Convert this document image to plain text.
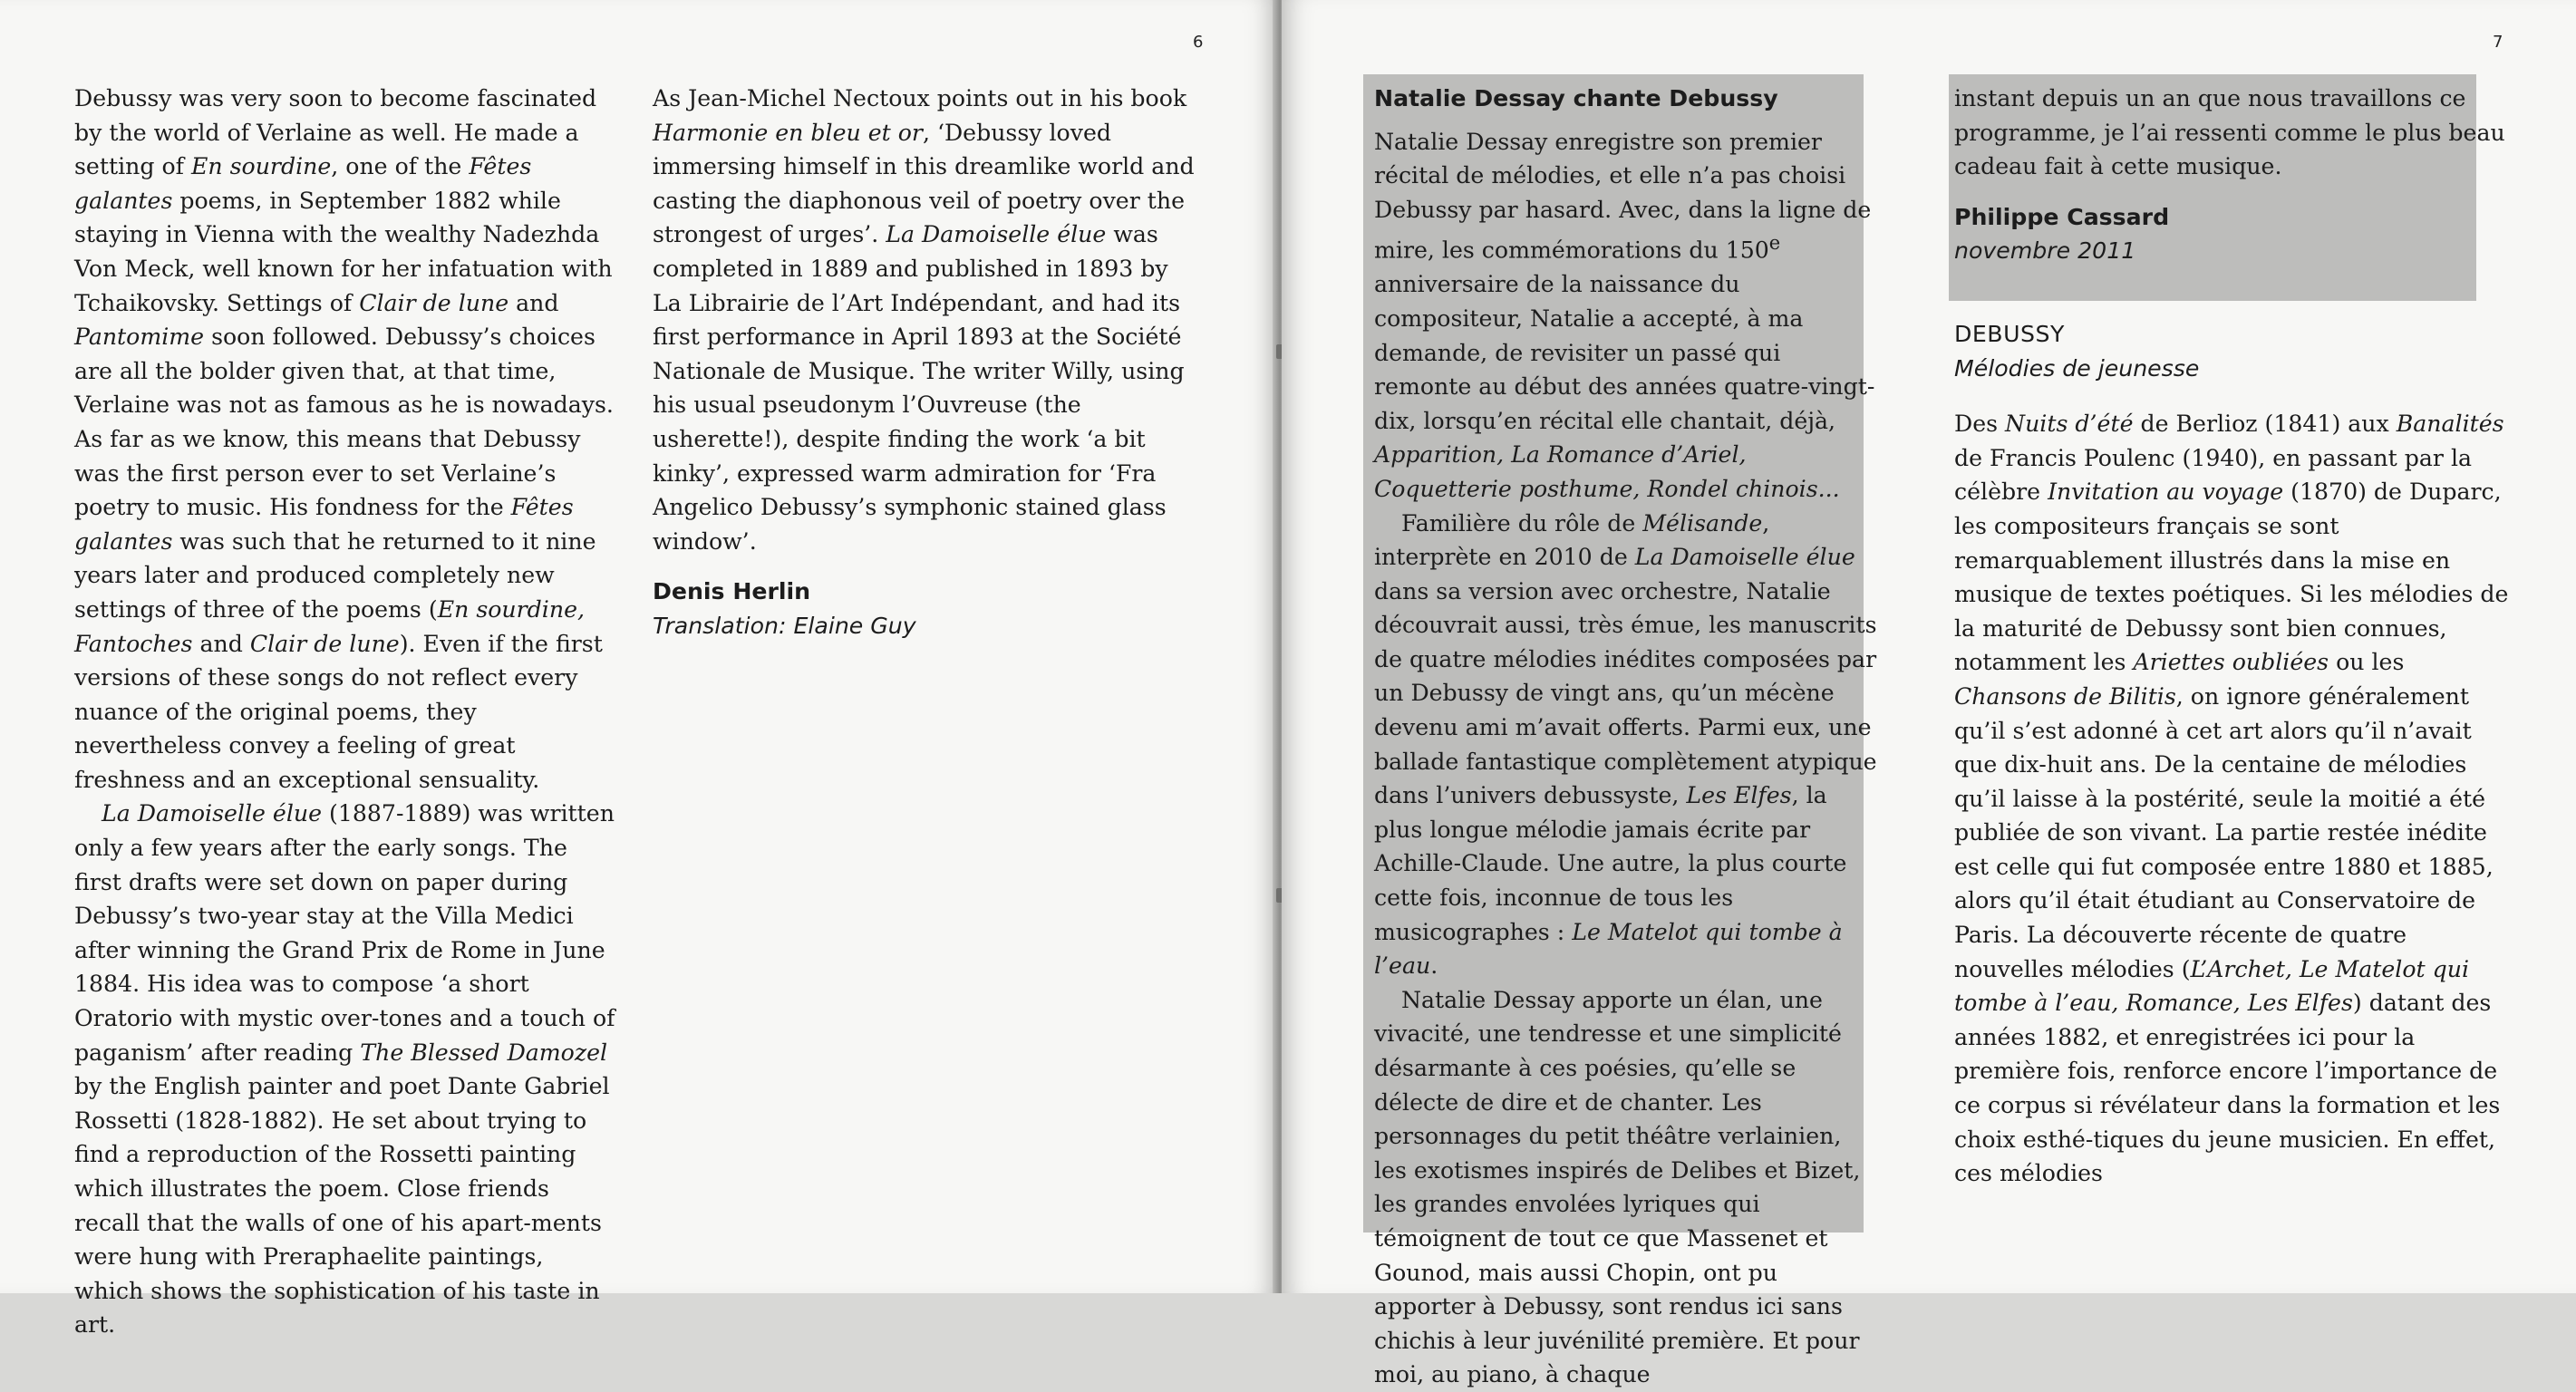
6

Debussy was very soon to become fascinated by the world of Verlaine as well. He made a setting of En sourdine, one of the Fêtes galantes poems, in September 1882 while staying in Vienna with the wealthy Nadezhda Von Meck, well known for her infatuation with Tchaikovsky. Settings of Clair de lune and Pantomime soon followed. Debussy’s choices are all the bolder given that, at that time, Verlaine was not as famous as he is nowadays. As far as we know, this means that Debussy was the first person ever to set Verlaine’s poetry to music. His fondness for the Fêtes galantes was such that he returned to it nine years later and produced completely new settings of three of the poems (En sourdine, Fantoches and Clair de lune). Even if the first versions of these songs do not reflect every nuance of the original poems, they nevertheless convey a feeling of great freshness and an exceptional sensuality.

La Damoiselle élue (1887-1889) was written only a few years after the early songs. The first drafts were set down on paper during Debussy’s two-year stay at the Villa Medici after winning the Grand Prix de Rome in June 1884. His idea was to compose ‘a short Oratorio with mystic over-tones and a touch of paganism’ after reading The Blessed Damozel by the English painter and poet Dante Gabriel Rossetti (1828-1882). He set about trying to find a reproduction of the Rossetti painting which illustrates the poem. Close friends recall that the walls of one of his apart-ments were hung with Preraphaelite paintings, which shows the sophistication of his taste in art.

As Jean-Michel Nectoux points out in his book Harmonie en bleu et or, ‘Debussy loved immersing himself in this dreamlike world and casting the diaphonous veil of poetry over the strongest of urges’. La Damoiselle élue was completed in 1889 and published in 1893 by La Librairie de l’Art Indépendant, and had its first performance in April 1893 at the Société Nationale de Musique. The writer Willy, using his usual pseudonym l’Ouvreuse (the usherette!), despite finding the work ‘a bit kinky’, expressed warm admiration for ‘Fra Angelico Debussy’s symphonic stained glass window’.

Denis Herlin

Translation: Elaine Guy

7

Natalie Dessay chante Debussy

Natalie Dessay enregistre son premier récital de mélodies, et elle n’a pas choisi Debussy par hasard. Avec, dans la ligne de mire, les commémorations du 150e anniversaire de la naissance du compositeur, Natalie a accepté, à ma demande, de revisiter un passé qui remonte au début des années quatre-vingt-dix, lorsqu’en récital elle chantait, déjà, Apparition, La Romance d’Ariel, Coquetterie posthume, Rondel chinois...

Familière du rôle de Mélisande, interprète en 2010 de La Damoiselle élue dans sa version avec orchestre, Natalie découvrait aussi, très émue, les manuscrits de quatre mélodies inédites composées par un Debussy de vingt ans, qu’un mécène devenu ami m’avait offerts. Parmi eux, une ballade fantastique complètement atypique dans l’univers debussyste, Les Elfes, la plus longue mélodie jamais écrite par Achille-Claude. Une autre, la plus courte cette fois, inconnue de tous les musicographes : Le Matelot qui tombe à l’eau.

Natalie Dessay apporte un élan, une vivacité, une tendresse et une simplicité désarmante à ces poésies, qu’elle se délecte de dire et de chanter. Les personnages du petit théâtre verlainien, les exotismes inspirés de Delibes et Bizet, les grandes envolées lyriques qui témoignent de tout ce que Massenet et Gounod, mais aussi Chopin, ont pu apporter à Debussy, sont rendus ici sans chichis à leur juvénilité première. Et pour moi, au piano, à chaque

instant depuis un an que nous travaillons ce programme, je l’ai ressenti comme le plus beau cadeau fait à cette musique.

Philippe Cassard

novembre 2011

DEBUSSY

Mélodies de jeunesse

Des Nuits d’été de Berlioz (1841) aux Banalités de Francis Poulenc (1940), en passant par la célèbre Invitation au voyage (1870) de Duparc, les compositeurs français se sont remarquablement illustrés dans la mise en musique de textes poétiques. Si les mélodies de la maturité de Debussy sont bien connues, notamment les Ariettes oubliées ou les Chansons de Bilitis, on ignore généralement qu’il s’est adonné à cet art alors qu’il n’avait que dix-huit ans. De la centaine de mélodies qu’il laisse à la postérité, seule la moitié a été publiée de son vivant. La partie restée inédite est celle qui fut composée entre 1880 et 1885, alors qu’il était étudiant au Conservatoire de Paris. La découverte récente de quatre nouvelles mélodies (L’Archet, Le Matelot qui tombe à l’eau, Romance, Les Elfes) datant des années 1882, et enregistrées ici pour la première fois, renforce encore l’importance de ce corpus si révélateur dans la formation et les choix esthé-tiques du jeune musicien. En effet, ces mélodies
